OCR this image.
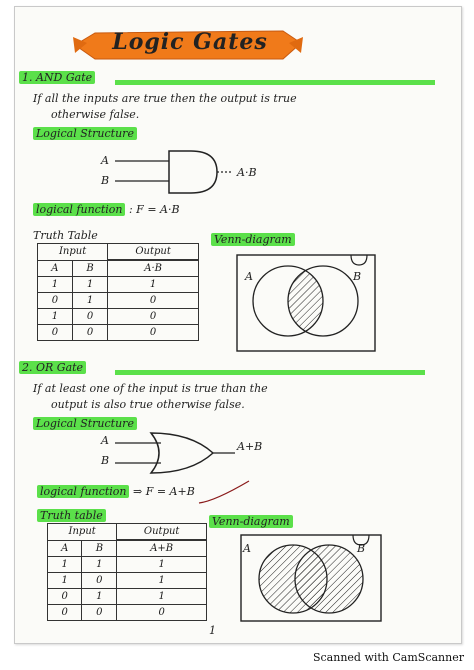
Logic Gates
1. AND Gate
If all the inputs are true then the output is true
otherwise false.
Logical Structure
A
B
A·B
logical function : F = A·B
Truth Table
Input		Output
A	B	A·B
1	1	1
0	1	0
1	0	0
0	0	0
Venn-diagram
A	B
2. OR Gate
If at least one of the input is true than the
output is also true otherwise false.
Logical Structure
A
B
A+B
logical function ⇒ F = A+B
Truth table
Input		Output
A	B	A+B
1	1	1
1	0	1
0	1	1
0	0	0
Venn-diagram
A	B
1
Scanned with CamScanner
